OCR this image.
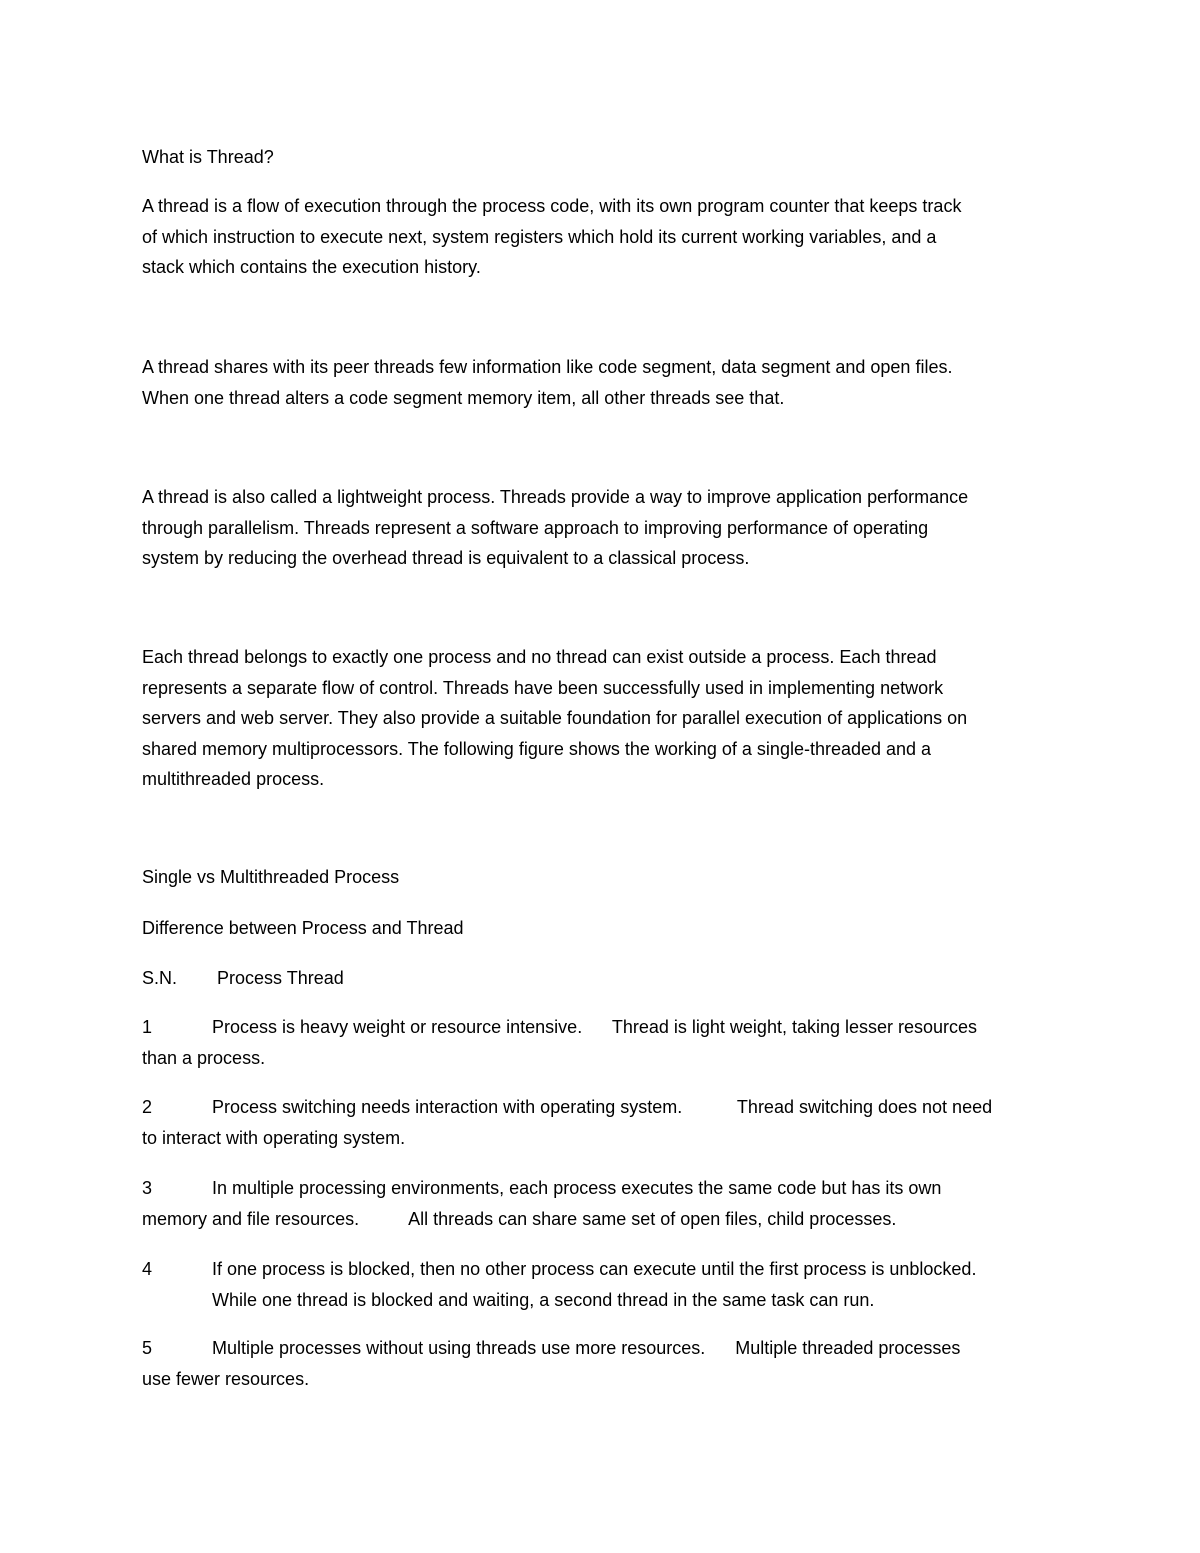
What is Thread?
A thread is a flow of execution through the process code, with its own program counter that keeps track
of which instruction to execute next, system registers which hold its current working variables, and a
stack which contains the execution history.
A thread shares with its peer threads few information like code segment, data segment and open files.
When one thread alters a code segment memory item, all other threads see that.
A thread is also called a lightweight process. Threads provide a way to improve application performance
through parallelism. Threads represent a software approach to improving performance of operating
system by reducing the overhead thread is equivalent to a classical process.
Each thread belongs to exactly one process and no thread can exist outside a process. Each thread
represents a separate flow of control. Threads have been successfully used in implementing network
servers and web server. They also provide a suitable foundation for parallel execution of applications on
shared memory multiprocessors. The following figure shows the working of a single-threaded and a
multithreaded process.
Single vs Multithreaded Process
Difference between Process and Thread
S.N.        Process Thread
1            Process is heavy weight or resource intensive.      Thread is light weight, taking lesser resources
than a process.
2            Process switching needs interaction with operating system.           Thread switching does not need
to interact with operating system.
3            In multiple processing environments, each process executes the same code but has its own
memory and file resources.          All threads can share same set of open files, child processes.
4            If one process is blocked, then no other process can execute until the first process is unblocked.
While one thread is blocked and waiting, a second thread in the same task can run.
5            Multiple processes without using threads use more resources.      Multiple threaded processes
use fewer resources.
